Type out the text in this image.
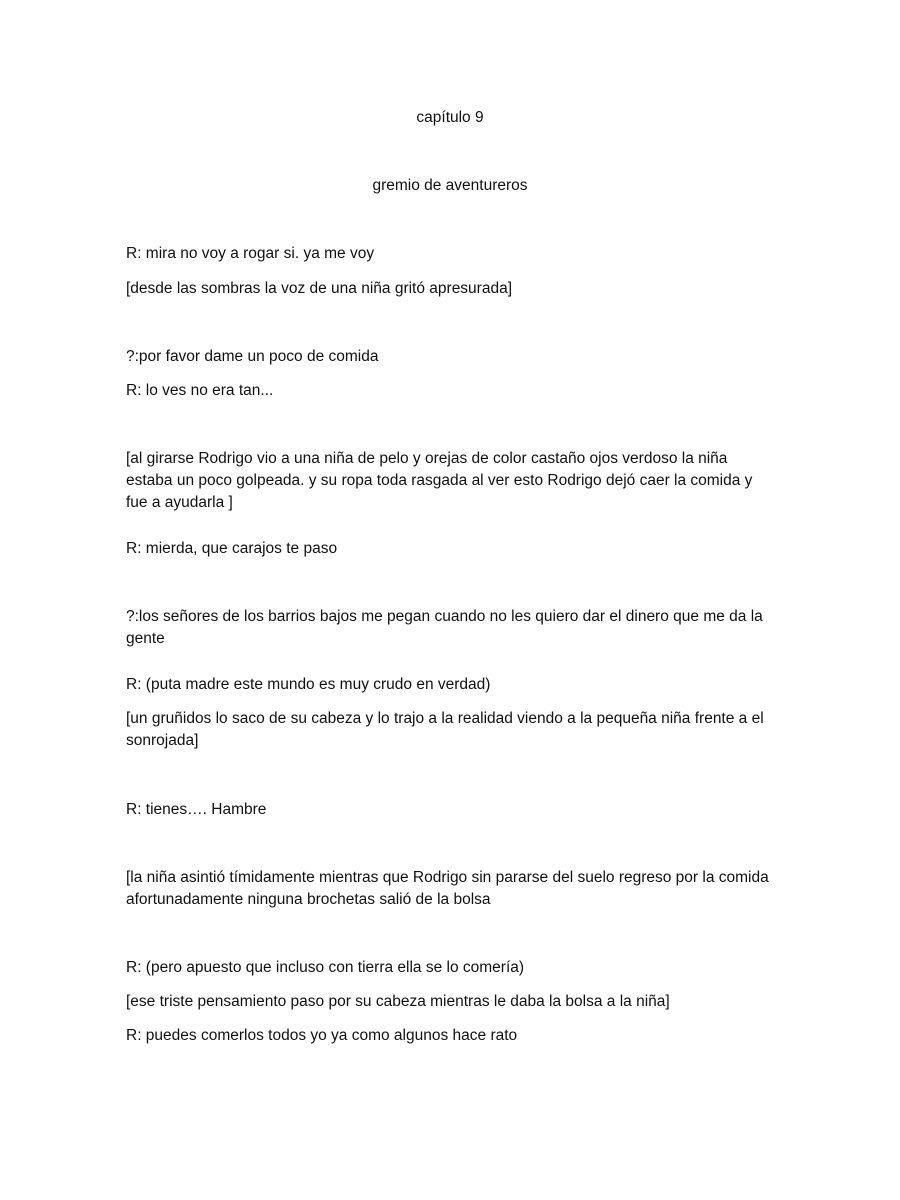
capítulo 9
gremio de aventureros

R: mira no voy a rogar si. ya me voy

[desde las sombras la voz de una niña gritó apresurada]

?:por favor dame un poco de comida

R: lo ves no era tan...

[al girarse Rodrigo vio a una niña de pelo y orejas de color castaño ojos verdoso la niña estaba un poco golpeada. y su ropa toda rasgada al ver esto Rodrigo dejó caer la comida y fue a ayudarla ]

R: mierda, que carajos te paso

?:los señores de los barrios bajos me pegan cuando no les quiero dar el dinero que me da la gente

R: (puta madre este mundo es muy crudo en verdad)

[un gruñidos lo saco de su cabeza y lo trajo a la realidad viendo a la pequeña niña frente a el sonrojada]

R: tienes…. Hambre

[la niña asintió tímidamente mientras que Rodrigo sin pararse del suelo regreso por la comida afortunadamente ninguna brochetas salió de la bolsa

R: (pero apuesto que incluso con tierra ella se lo comería)

[ese triste pensamiento paso por su cabeza mientras le daba la bolsa a la niña]

R: puedes comerlos todos yo ya como algunos hace rato
